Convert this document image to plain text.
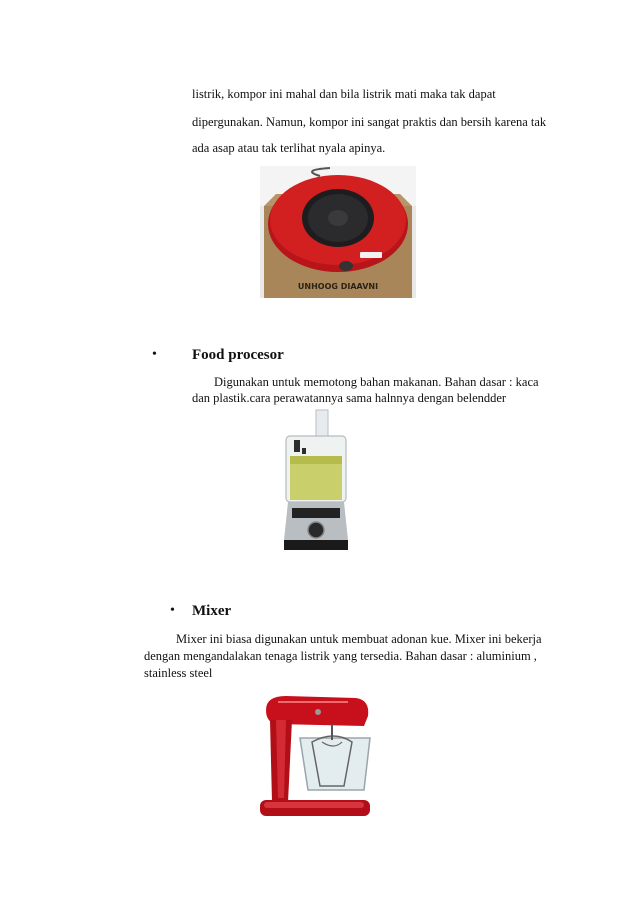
listrik, kompor ini mahal dan bila listrik mati maka tak dapat
dipergunakan. Namun, kompor ini sangat praktis dan bersih karena tak
ada asap atau tak terlihat nyala apinya.
UNHOOG DIAAVNI
• Food procesor
Digunakan untuk memotong bahan makanan. Bahan dasar : kaca
dan plastik.cara perawatannya sama halnnya dengan belendder
• Mixer
Mixer ini biasa digunakan untuk membuat adonan kue. Mixer ini bekerja
dengan mengandalakan tenaga listrik yang tersedia. Bahan dasar : aluminium ,
stainless steel
